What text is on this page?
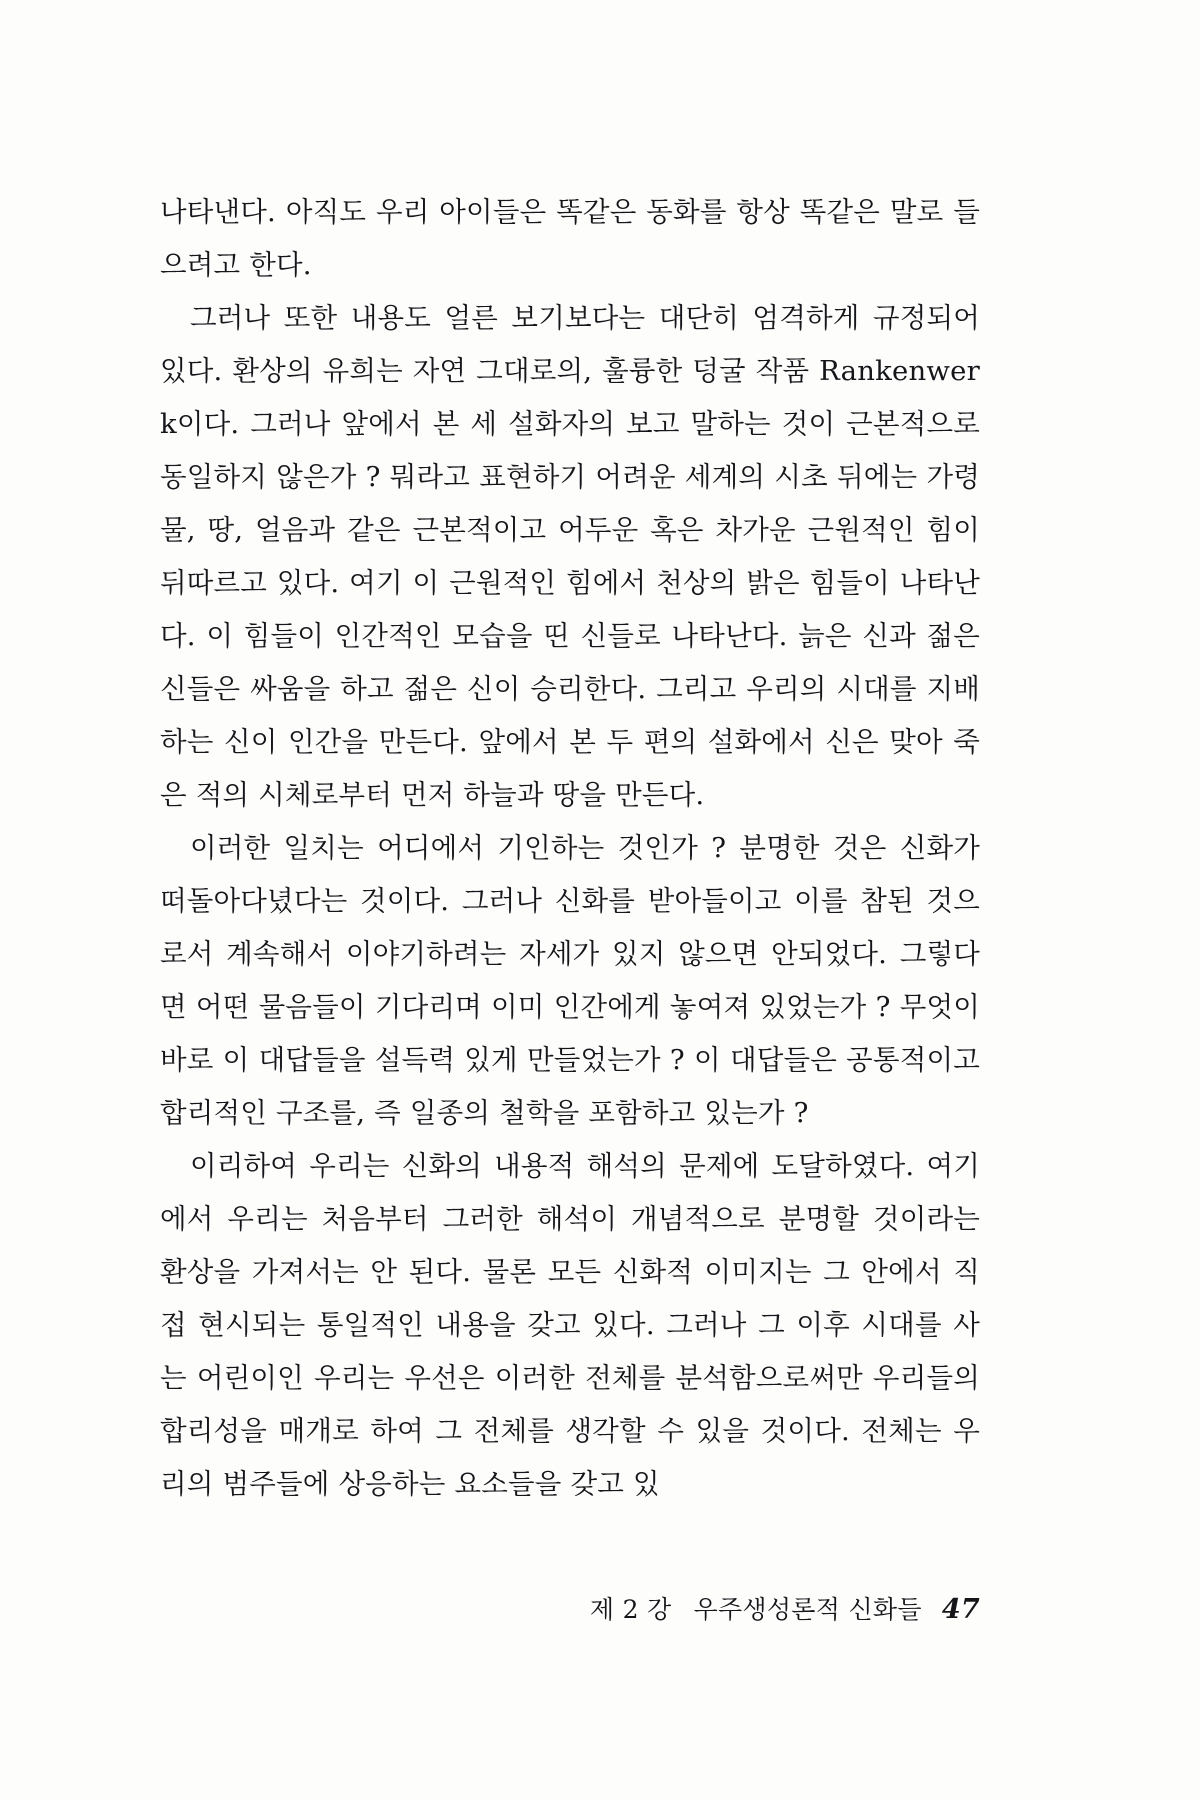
나타낸다. 아직도 우리 아이들은 똑같은 동화를 항상 똑같은 말로 들으려고 한다.

그러나 또한 내용도 얼른 보기보다는 대단히 엄격하게 규정되어 있다. 환상의 유희는 자연 그대로의, 훌륭한 덩굴 작품 Rankenwerk이다. 그러나 앞에서 본 세 설화자의 보고 말하는 것이 근본적으로 동일하지 않은가 ? 뭐라고 표현하기 어려운 세계의 시초 뒤에는 가령 물, 땅, 얼음과 같은 근본적이고 어두운 혹은 차가운 근원적인 힘이 뒤따르고 있다. 여기 이 근원적인 힘에서 천상의 밝은 힘들이 나타난다. 이 힘들이 인간적인 모습을 띤 신들로 나타난다. 늙은 신과 젊은 신들은 싸움을 하고 젊은 신이 승리한다. 그리고 우리의 시대를 지배하는 신이 인간을 만든다. 앞에서 본 두 편의 설화에서 신은 맞아 죽은 적의 시체로부터 먼저 하늘과 땅을 만든다.

이러한 일치는 어디에서 기인하는 것인가 ? 분명한 것은 신화가 떠돌아다녔다는 것이다. 그러나 신화를 받아들이고 이를 참된 것으로서 계속해서 이야기하려는 자세가 있지 않으면 안되었다. 그렇다면 어떤 물음들이 기다리며 이미 인간에게 놓여져 있었는가 ? 무엇이 바로 이 대답들을 설득력 있게 만들었는가 ? 이 대답들은 공통적이고 합리적인 구조를, 즉 일종의 철학을 포함하고 있는가 ?

이리하여 우리는 신화의 내용적 해석의 문제에 도달하였다. 여기에서 우리는 처음부터 그러한 해석이 개념적으로 분명할 것이라는 환상을 가져서는 안 된다. 물론 모든 신화적 이미지는 그 안에서 직접 현시되는 통일적인 내용을 갖고 있다. 그러나 그 이후 시대를 사는 어린이인 우리는 우선은 이러한 전체를 분석함으로써만 우리들의 합리성을 매개로 하여 그 전체를 생각할 수 있을 것이다. 전체는 우리의 범주들에 상응하는 요소들을 갖고 있

제 2 강 우주생성론적 신화들 47
